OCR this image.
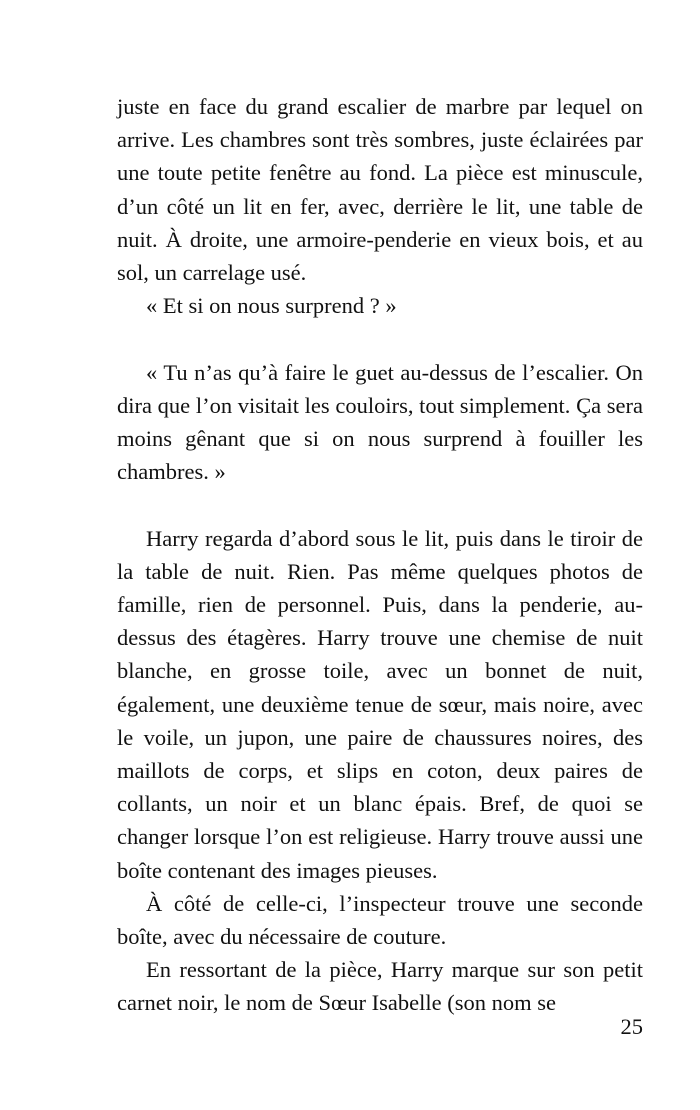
juste en face du grand escalier de marbre par lequel on arrive. Les chambres sont très sombres, juste éclairées par une toute petite fenêtre au fond. La pièce est minuscule, d’un côté un lit en fer, avec, derrière le lit, une table de nuit. À droite, une armoire-penderie en vieux bois, et au sol, un carrelage usé.

« Et si on nous surprend ? »

« Tu n’as qu’à faire le guet au-dessus de l’escalier. On dira que l’on visitait les couloirs, tout simplement. Ça sera moins gênant que si on nous surprend à fouiller les chambres. »

Harry regarda d’abord sous le lit, puis dans le tiroir de la table de nuit. Rien. Pas même quelques photos de famille, rien de personnel. Puis, dans la penderie, au-dessus des étagères. Harry trouve une chemise de nuit blanche, en grosse toile, avec un bonnet de nuit, également, une deuxième tenue de sœur, mais noire, avec le voile, un jupon, une paire de chaussures noires, des maillots de corps, et slips en coton, deux paires de collants, un noir et un blanc épais. Bref, de quoi se changer lorsque l’on est religieuse. Harry trouve aussi une boîte contenant des images pieuses.

À côté de celle-ci, l’inspecteur trouve une seconde boîte, avec du nécessaire de couture.

En ressortant de la pièce, Harry marque sur son petit carnet noir, le nom de Sœur Isabelle (son nom se

25
